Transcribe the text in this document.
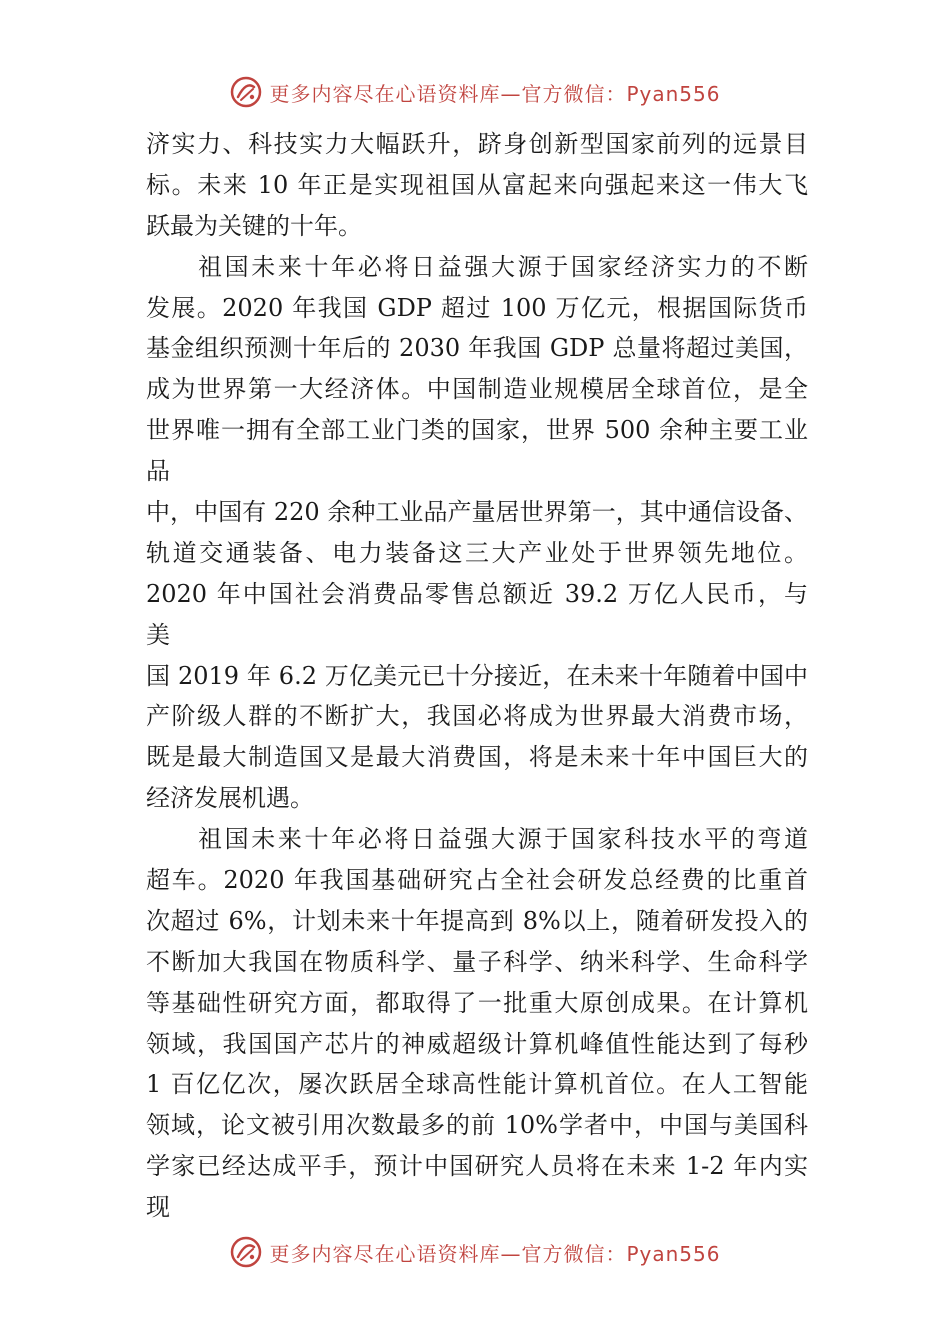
更多内容尽在心语资料库—官方微信：Pyan556
济实力、科技实力大幅跃升，跻身创新型国家前列的远景目
标。未来 10 年正是实现祖国从富起来向强起来这一伟大飞
跃最为关键的十年。
祖国未来十年必将日益强大源于国家经济实力的不断
发展。2020 年我国 GDP 超过 100 万亿元，根据国际货币
基金组织预测十年后的 2030 年我国 GDP 总量将超过美国，
成为世界第一大经济体。中国制造业规模居全球首位，是全
世界唯一拥有全部工业门类的国家，世界 500 余种主要工业
品
中，中国有 220 余种工业品产量居世界第一，其中通信设备、
轨道交通装备、电力装备这三大产业处于世界领先地位。
2020 年中国社会消费品零售总额近 39.2 万亿人民币，与
美
国 2019 年 6.2 万亿美元已十分接近，在未来十年随着中国中
产阶级人群的不断扩大，我国必将成为世界最大消费市场，
既是最大制造国又是最大消费国，将是未来十年中国巨大的
经济发展机遇。
祖国未来十年必将日益强大源于国家科技水平的弯道
超车。2020 年我国基础研究占全社会研发总经费的比重首
次超过 6%，计划未来十年提高到 8%以上，随着研发投入的
不断加大我国在物质科学、量子科学、纳米科学、生命科学
等基础性研究方面，都取得了一批重大原创成果。在计算机
领域，我国国产芯片的神威超级计算机峰值性能达到了每秒
1 百亿亿次，屡次跃居全球高性能计算机首位。在人工智能
领域，论文被引用次数最多的前 10%学者中，中国与美国科
学家已经达成平手，预计中国研究人员将在未来 1-2 年内实
现
更多内容尽在心语资料库—官方微信：Pyan556
